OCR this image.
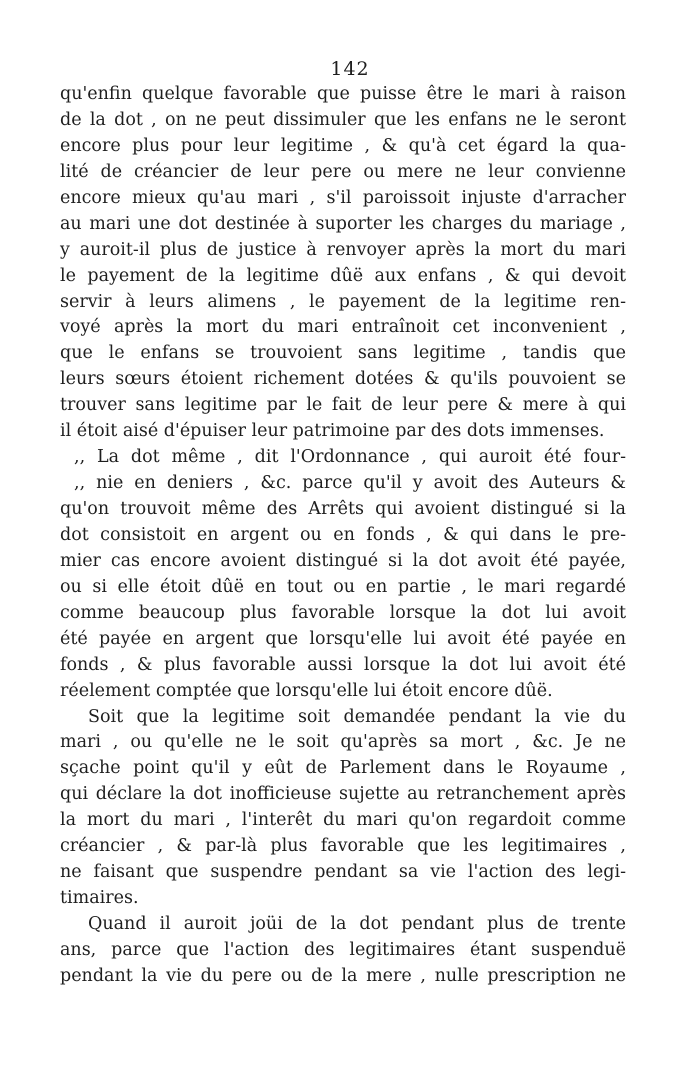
142
qu'enfin quelque favorable que puisse être le mari à raison
de la dot , on ne peut dissimuler que les enfans ne le seront
encore plus pour leur legitime , & qu'à cet égard la qua-
lité de créancier de leur pere ou mere ne leur convienne
encore mieux qu'au mari , s'il paroissoit injuste d'arracher
au mari une dot destinée à suporter les charges du mariage ,
y auroit-il plus de justice à renvoyer après la mort du mari
le payement de la legitime dûë aux enfans , & qui devoit
servir à leurs alimens , le payement de la legitime ren-
voyé après la mort du mari entraînoit cet inconvenient ,
que le enfans se trouvoient sans legitime , tandis que
leurs sœurs étoient richement dotées & qu'ils pouvoient se
trouver sans legitime par le fait de leur pere & mere à qui
il étoit aisé d'épuiser leur patrimoine par des dots immenses.
,, La dot même , dit l'Ordonnance , qui auroit été four-
,, nie en deniers , &c. parce qu'il y avoit des Auteurs &
qu'on trouvoit même des Arrêts qui avoient distingué si la
dot consistoit en argent ou en fonds , & qui dans le pre-
mier cas encore avoient distingué si la dot avoit été payée,
ou si elle étoit dûë en tout ou en partie , le mari regardé
comme beaucoup plus favorable lorsque la dot lui avoit
été payée en argent que lorsqu'elle lui avoit été payée en
fonds , & plus favorable aussi lorsque la dot lui avoit été
réelement comptée que lorsqu'elle lui étoit encore dûë.
Soit que la legitime soit demandée pendant la vie du
mari , ou qu'elle ne le soit qu'après sa mort , &c. Je ne
sçache point qu'il y eût de Parlement dans le Royaume ,
qui déclare la dot inofficieuse sujette au retranchement après
la mort du mari , l'interêt du mari qu'on regardoit comme
créancier , & par-là plus favorable que les legitimaires ,
ne faisant que suspendre pendant sa vie l'action des legi-
timaires.
Quand il auroit joüi de la dot pendant plus de trente
ans, parce que l'action des legitimaires étant suspenduë
pendant la vie du pere ou de la mere , nulle prescription ne
